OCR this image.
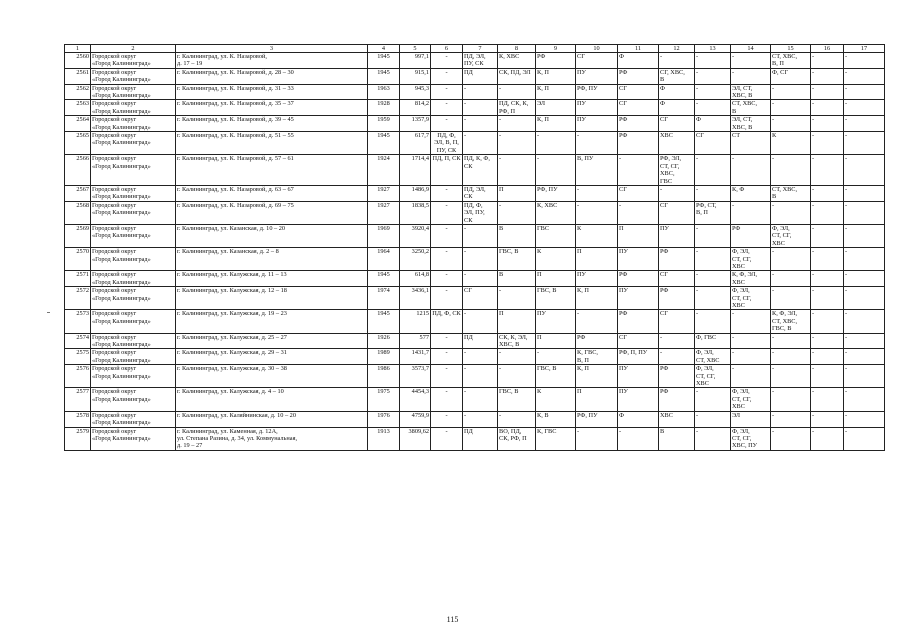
1	2	3	4	5	6	7	8	9	10	11	12	13	14	15	16	17
2560	Городской округ
«Город Калининград»	г. Калининград, ул. К. Назаровой,
д. 17 – 19	1945	997,1	-	ПД, ЭЛ,
ПУ, СК	К, ХВС	РФ	СГ	Ф	-	-	-	СТ, ХВС,
В, П	-	-
2561	Городской округ
«Город Калининград»	г. Калининград, ул. К. Назаровой, д. 28 – 30	1945	915,1	-	ПД	СК, ПД, ЭЛ	К, П	ПУ	РФ	СГ, ХВС,
В	-	-	Ф, СГ	-	-
2562	Городской округ
«Город Калининград»	г. Калининград, ул. К. Назаровой, д. 31 – 33	1963	945,3	-	-	-	К, П	РФ, ПУ	СГ	Ф	-	ЭЛ, СТ,
ХВС, В	-	-	-
2563	Городской округ
«Город Калининград»	г. Калининград, ул. К. Назаровой, д. 35 – 37	1928	814,2	-	-	ПД, СК, К,
РФ, П	ЭЛ	ПУ	СГ	Ф	-	СТ, ХВС,
В	-	-	-
2564	Городской округ
«Город Калининград»	г. Калининград, ул. К. Назаровой, д. 39 – 45	1959	1357,9	-	-	-	К, П	ПУ	РФ	СГ	Ф	ЭЛ, СТ,
ХВС, В	-	-	-
2565	Городской округ
«Город Калининград»	г. Калининград, ул. К. Назаровой, д. 51 – 55	1945	617,7	ПД, Ф,
ЭЛ, В, П,
ПУ, СК	-	-	-	-	РФ	ХВС	СГ	СТ	К	-	-
2566	Городской округ
«Город Калининград»	г. Калининград, ул. К. Назаровой, д. 57 – 61	1924	1714,4	ПД, П, СК	ПД, К, Ф,
СК	-	-	В, ПУ	-	РФ, ЭЛ,
СТ, СГ,
ХВС,
ГВС	-	-	-	-	-
2567	Городской округ
«Город Калининград»	г. Калининград, ул. К. Назаровой, д. 63 – 67	1927	1486,9	-	ПД, ЭЛ,
СК	П	РФ, ПУ	-	СГ	-	-	К, Ф	СТ, ХВС,
В	-	-
2568	Городской округ
«Город Калининград»	г. Калининград, ул. К. Назаровой, д. 69 – 75	1927	1838,5	-	ПД, Ф,
ЭЛ, ПУ,
СК	-	К, ХВС	-	-	СГ	РФ, СТ,
В, П	-	-	-	-
2569	Городской округ
«Город Калининград»	г. Калининград, ул. Казанская, д. 10 – 20	1969	3920,4	-	-	В	ГВС	К	П	ПУ	-	РФ	Ф, ЭЛ,
СТ, СГ,
ХВС	-	-
2570	Городской округ
«Город Калининград»	г. Калининград, ул. Казанская, д. 2 – 8	1964	3250,2	-	-	ГВС, В	К	П	ПУ	РФ	-	Ф, ЭЛ,
СТ, СГ,
ХВС	-	-	-
2571	Городской округ
«Город Калининград»	г. Калининград, ул. Калужская, д. 11 – 13	1945	614,8	-	-	В	П	ПУ	РФ	СГ	-	К, Ф, ЭЛ,
ХВС	-	-	-
2572	Городской округ
«Город Калининград»	г. Калининград, ул. Калужская, д. 12 – 18	1974	3436,1	-	СГ	-	ГВС, В	К, П	ПУ	РФ	-	Ф, ЭЛ,
СТ, СГ,
ХВС	-	-	-
2573	Городской округ
«Город Калининград»	г. Калининград, ул. Калужская, д. 19 – 23	1945	1215	ПД, Ф, СК	-	П	ПУ	-	РФ	СГ	-	-	К, Ф, ЭЛ,
СТ, ХВС,
ГВС, В	-	-
2574	Городской округ
«Город Калининград»	г. Калининград, ул. Калужская, д. 25 – 27	1926	577	-	ПД	СК, К, ЭЛ,
ХВС, В	П	РФ	СГ	-	Ф, ГВС	-	-	-	-
2575	Городской округ
«Город Калининград»	г. Калининград, ул. Калужская, д. 29 – 31	1989	1431,7	-	-	-	-	К, ГВС,
В, П	РФ, П, ПУ	-	Ф, ЭЛ,
СТ, ХВС	-	-	-	-
2576	Городской округ
«Город Калининград»	г. Калининград, ул. Калужская, д. 30 – 38	1986	3573,7	-	-	-	ГВС, В	К, П	ПУ	РФ	Ф, ЭЛ,
СТ, СГ,
ХВС	-	-	-	-
2577	Городской округ
«Город Калининград»	г. Калининград, ул. Калужская, д. 4 – 10	1975	4454,3	-	-	ГВС, В	К	П	ПУ	РФ	-	Ф, ЭЛ,
СТ, СГ,
ХВС	-	-	-
2578	Городской округ
«Город Калининград»	г. Калининград, ул. Каляйнинская, д. 10 – 20	1976	4759,9	-	-	-	К, В	РФ, ПУ	Ф	ХВС	-	ЭЛ	-	-	-
2579	Городской округ
«Город Калининград»	г. Калининград, ул. Каменная, д. 12А,
ул. Степана Разина, д. 34, ул. Коммунальная,
д. 19 – 27	1913	3809,62	-	ПД	ВО, ПД,
СК, РФ, П	К, ГВС	-	-	В	-	Ф, ЭЛ,
СТ, СГ,
ХВС, ПУ	-	-	-
115
